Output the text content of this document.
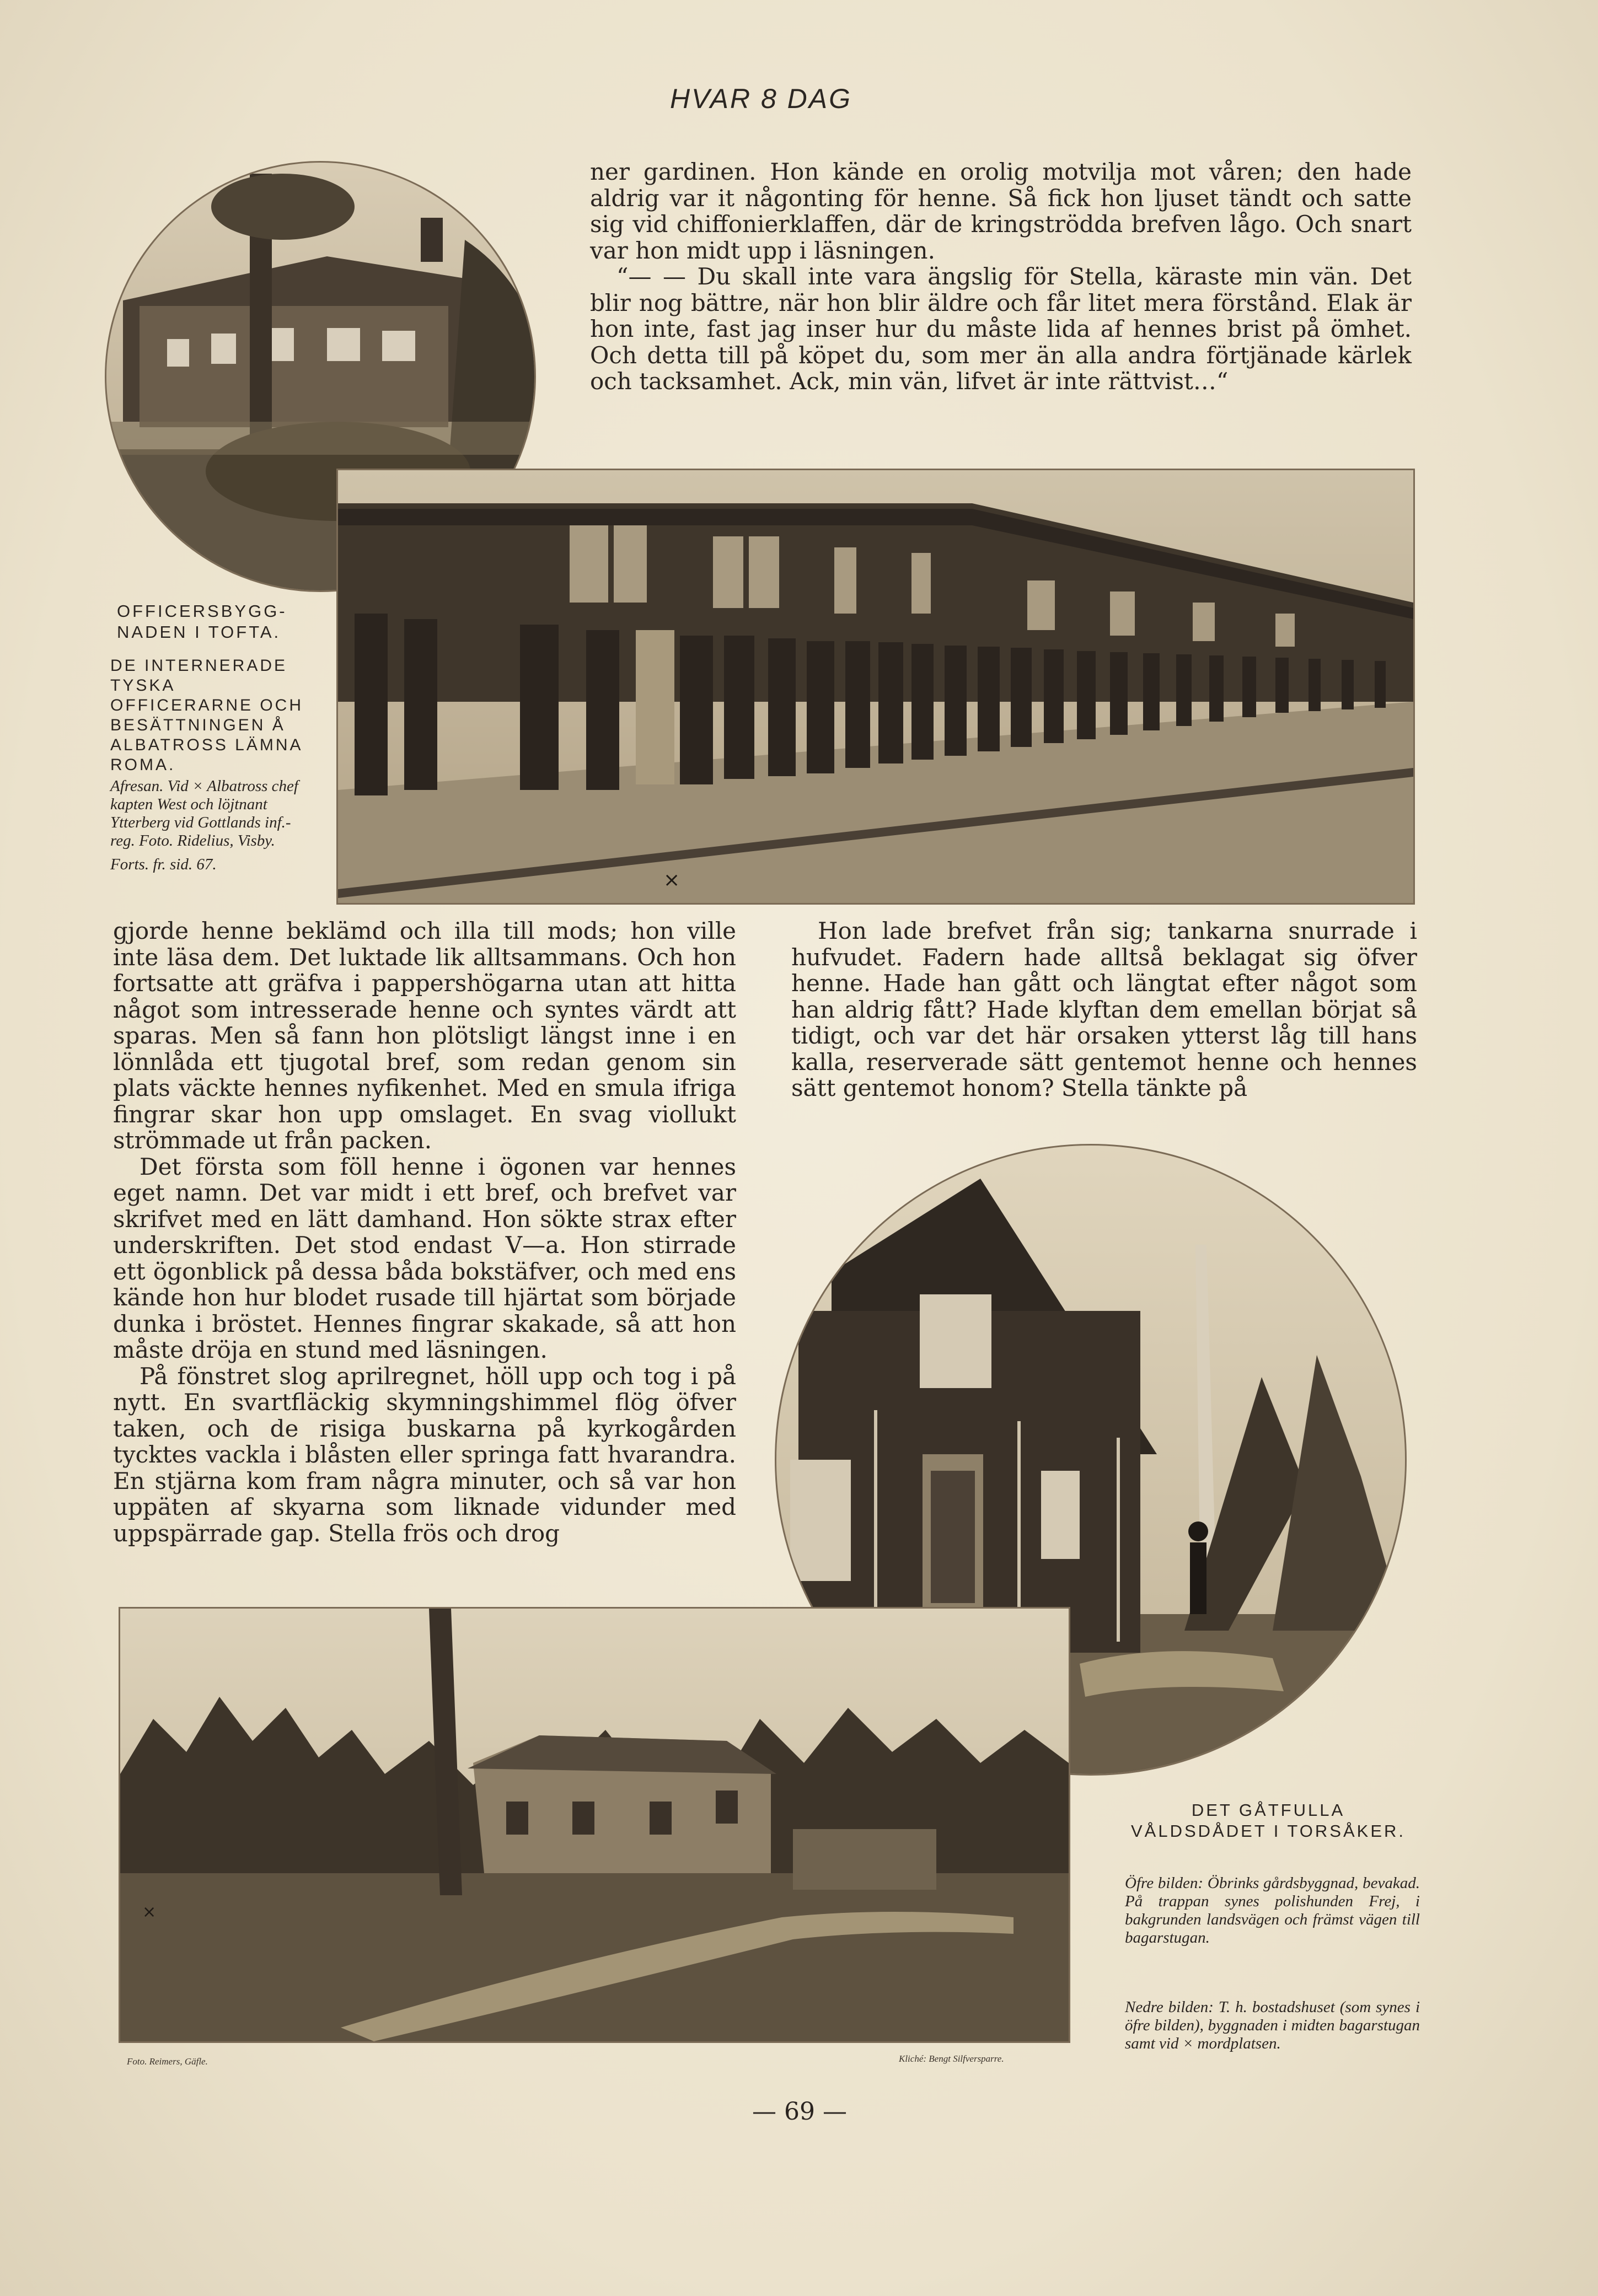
HVAR 8 DAG

ner gardinen. Hon kände en orolig motvilja mot våren; den hade aldrig var it någonting för henne. Så fick hon ljuset tändt och satte sig vid chiffonierklaffen, där de kringströdda brefven lågo. Och snart var hon midt upp i läsningen.

“— — Du skall inte vara ängslig för Stella, käraste min vän. Det blir nog bättre, när hon blir äldre och får litet mera förstånd. Elak är hon inte, fast jag inser hur du måste lida af hennes brist på ömhet. Och detta till på köpet du, som mer än alla andra förtjänade kärlek och tacksamhet. Ack, min vän, lifvet är inte rättvist…“

×
OFFICERSBYGG-NADEN I TOFTA.
DE INTERNERADE TYSKA OFFICERARNE OCH BESÄTTNINGEN Å ALBATROSS LÄMNA ROMA.
Afresan. Vid × Albatross chef kapten West och löjtnant Ytterberg vid Gottlands inf.-reg. Foto. Ridelius, Visby.
Forts. fr. sid. 67.

gjorde henne beklämd och illa till mods; hon ville inte läsa dem. Det luktade lik alltsammans. Och hon fortsatte att gräfva i pappershögarna utan att hitta något som intresserade henne och syntes värdt att sparas. Men så fann hon plötsligt längst inne i en lönnlåda ett tjugotal bref, som redan genom sin plats väckte hennes nyfikenhet. Med en smula ifriga fingrar skar hon upp omslaget. En svag viollukt strömmade ut från packen.

Det första som föll henne i ögonen var hennes eget namn. Det var midt i ett bref, och brefvet var skrifvet med en lätt damhand. Hon sökte strax efter underskriften. Det stod endast V—a. Hon stirrade ett ögonblick på dessa båda bokstäfver, och med ens kände hon hur blodet rusade till hjärtat som började dunka i bröstet. Hennes fingrar skakade, så att hon måste dröja en stund med läsningen.

På fönstret slog aprilregnet, höll upp och tog i på nytt. En svartfläckig skymningshimmel flög öfver taken, och de risiga buskarna på kyrkogården tycktes vackla i blåsten eller springa fatt hvarandra. En stjärna kom fram några minuter, och så var hon uppäten af skyarna som liknade vidunder med uppspärrade gap. Stella frös och drog

Hon lade brefvet från sig; tankarna snurrade i hufvudet. Fadern hade alltså beklagat sig öfver henne. Hade han gått och längtat efter något som han aldrig fått? Hade klyftan dem emellan börjat så tidigt, och var det här orsaken ytterst låg till hans kalla, reserverade sätt gentemot henne och hennes sätt gentemot honom? Stella tänkte på

×
DET GÅTFULLA VÅLDSDÅDET I TORSÅKER.
Öfre bilden: Öbrinks gårdsbyggnad, bevakad. På trappan synes polishunden Frej, i bakgrunden landsvägen och främst vägen till bagarstugan.
Nedre bilden: T. h. bostadshuset (som synes i öfre bilden), byggnaden i midten bagarstugan samt vid × mordplatsen.
Foto. Reimers, Gäfle.	Kliché: Bengt Silfversparre.
— 69 —
